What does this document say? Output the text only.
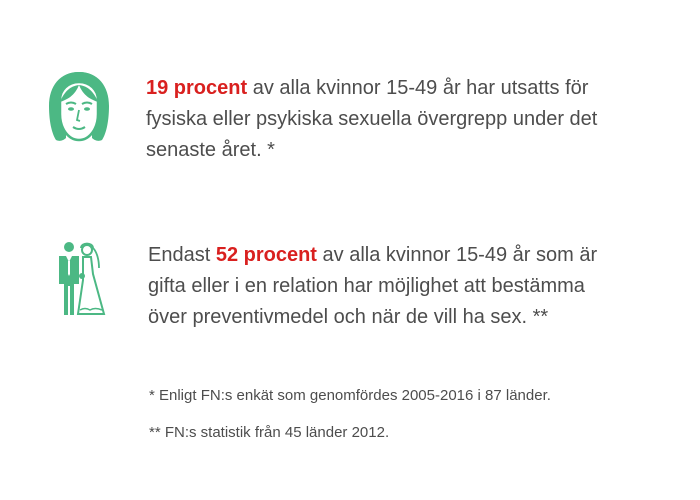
19 procent av alla kvinnor 15-49 år har utsatts för fysiska eller psykiska sexuella övergrepp under det senaste året. *

Endast 52 procent av alla kvinnor 15-49 år som är gifta eller i en relation har möjlighet att bestämma över preventivmedel och när de vill ha sex. **

* Enligt FN:s enkät som genomfördes 2005-2016 i 87 länder.

** FN:s statistik från 45 länder 2012.
